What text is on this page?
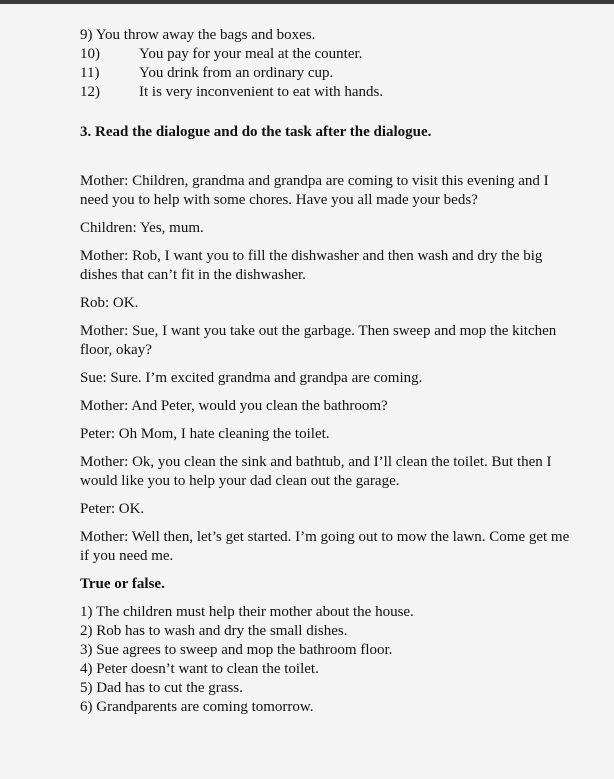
9) You throw away the bags and boxes.
10)	You pay for your meal at the counter.
11)	You drink from an ordinary cup.
12)	It is very inconvenient to eat with hands.
3. Read the dialogue and do the task after the dialogue.
Mother: Children, grandma and grandpa are coming to visit this evening and I
need you to help with some chores. Have you all made your beds?
Children: Yes, mum.
Mother: Rob, I want you to fill the dishwasher and then wash and dry the big
dishes that can’t fit in the dishwasher.
Rob: OK.
Mother: Sue, I want you take out the garbage. Then sweep and mop the kitchen
floor, okay?
Sue: Sure. I’m excited grandma and grandpa are coming.
Mother: And Peter, would you clean the bathroom?
Peter: Oh Mom, I hate cleaning the toilet.
Mother: Ok, you clean the sink and bathtub, and I’ll clean the toilet. But then I
would like you to help your dad clean out the garage.
Peter: OK.
Mother: Well then, let’s get started. I’m going out to mow the lawn. Come get me
if you need me.
True or false.
1) The children must help their mother about the house.
2) Rob has to wash and dry the small dishes.
3) Sue agrees to sweep and mop the bathroom floor.
4) Peter doesn’t want to clean the toilet.
5) Dad has to cut the grass.
6) Grandparents are coming tomorrow.
